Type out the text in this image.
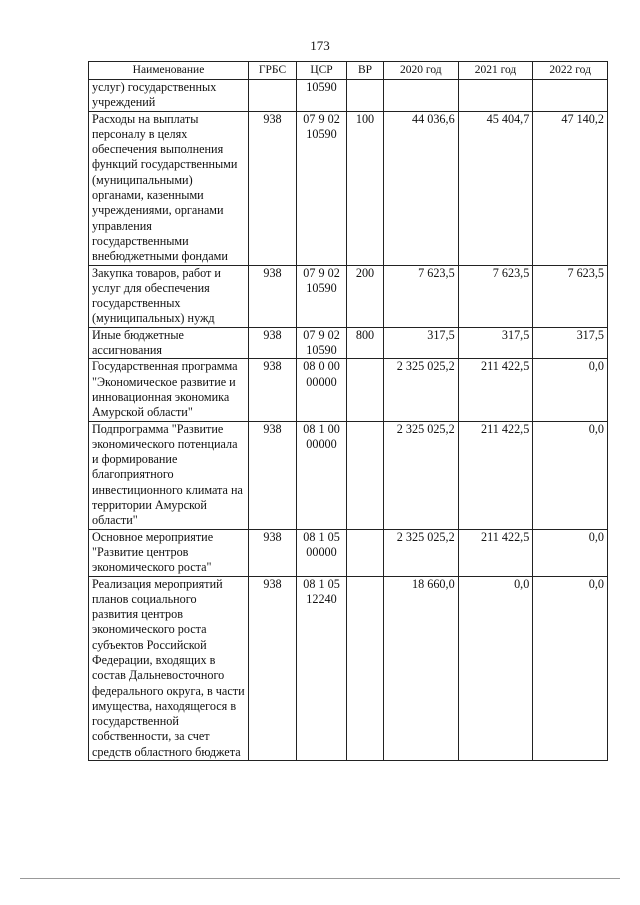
173
Наименование	ГРБС	ЦСР	ВР	2020 год	2021 год	2022 год
услуг) государственных учреждений		10590				
Расходы на выплаты персоналу в целях обеспечения выполнения функций государственными (муниципальными) органами, казенными учреждениями, органами управления государственными внебюджетными фондами	938	07 9 02 10590	100	44 036,6	45 404,7	47 140,2
Закупка товаров, работ и услуг для обеспечения государственных (муниципальных) нужд	938	07 9 02 10590	200	7 623,5	7 623,5	7 623,5
Иные бюджетные ассигнования	938	07 9 02 10590	800	317,5	317,5	317,5
Государственная программа "Экономическое развитие и инновационная экономика Амурской области"	938	08 0 00 00000		2 325 025,2	211 422,5	0,0
Подпрограмма "Развитие экономического потенциала и формирование благоприятного инвестиционного климата на территории Амурской области"	938	08 1 00 00000		2 325 025,2	211 422,5	0,0
Основное мероприятие "Развитие центров экономического роста"	938	08 1 05 00000		2 325 025,2	211 422,5	0,0
Реализация мероприятий планов социального развития центров экономического роста субъектов Российской Федерации, входящих в состав Дальневосточного федерального округа, в части имущества, находящегося в государственной собственности, за счет средств областного бюджета	938	08 1 05 12240		18 660,0	0,0	0,0
